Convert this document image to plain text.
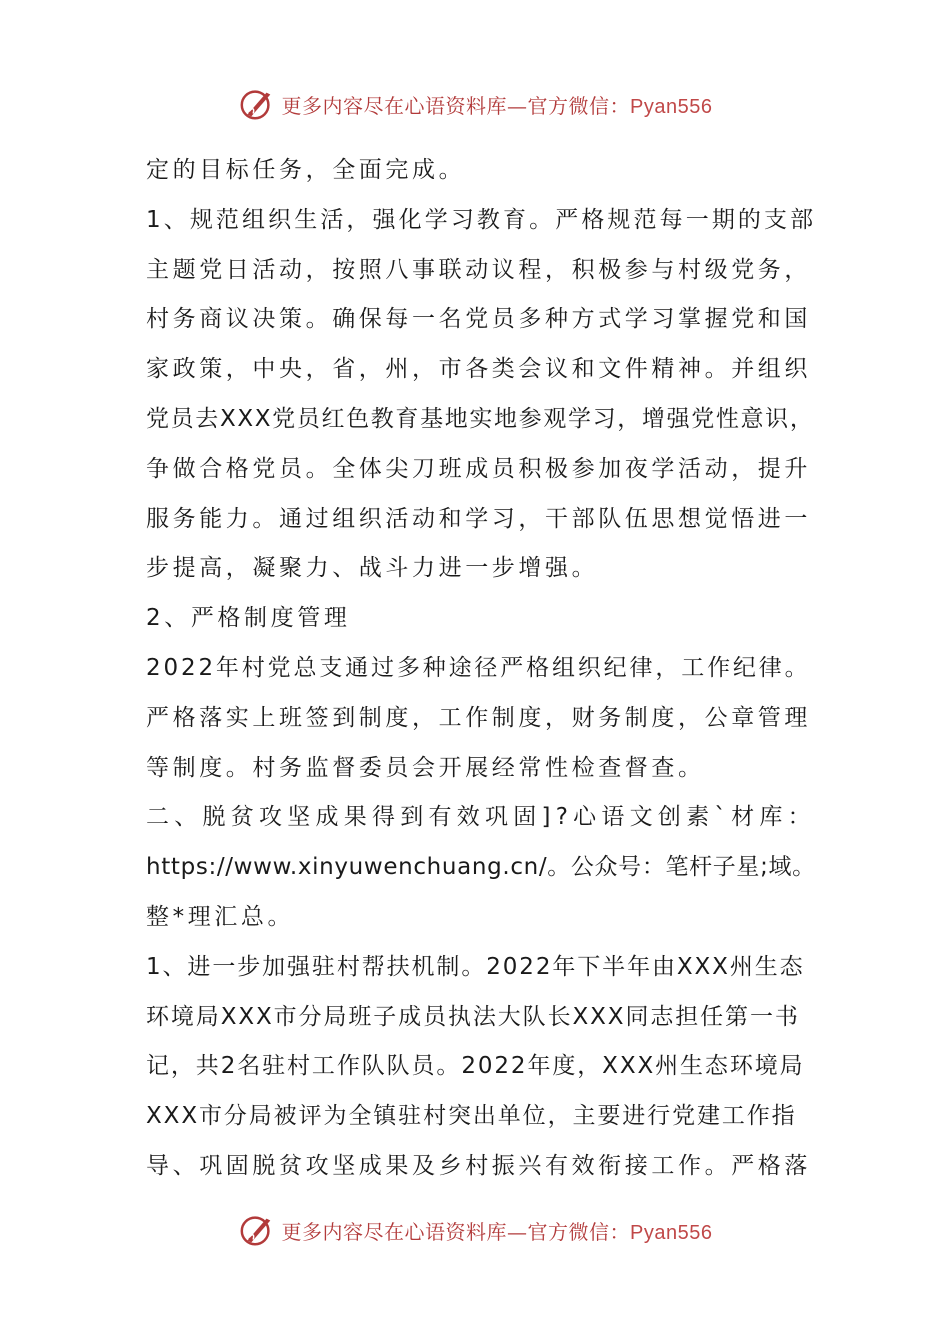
更多内容尽在心语资料库—官方微信：Pyan556
定的目标任务，全面完成。
1、规范组织生活，强化学习教育。严格规范每一期的支部
主题党日活动，按照八事联动议程，积极参与村级党务，
村务商议决策。确保每一名党员多种方式学习掌握党和国
家政策，中央，省，州，市各类会议和文件精神。并组织
党员去XXX党员红色教育基地实地参观学习，增强党性意识，
争做合格党员。全体尖刀班成员积极参加夜学活动，提升
服务能力。通过组织活动和学习，干部队伍思想觉悟进一
步提高，凝聚力、战斗力进一步增强。
2、严格制度管理
2022年村党总支通过多种途径严格组织纪律，工作纪律。
严格落实上班签到制度，工作制度，财务制度，公章管理
等制度。村务监督委员会开展经常性检查督查。
二、脱贫攻坚成果得到有效巩固]?心语文创素`材库：
https://www.xinyuwenchuang.cn/。公众号：笔杆子星;域。
整*理汇总。
1、进一步加强驻村帮扶机制。2022年下半年由XXX州生态
环境局XXX市分局班子成员执法大队长XXX同志担任第一书
记，共2名驻村工作队队员。2022年度，XXX州生态环境局
XXX市分局被评为全镇驻村突出单位，主要进行党建工作指
导、巩固脱贫攻坚成果及乡村振兴有效衔接工作。严格落
更多内容尽在心语资料库—官方微信：Pyan556
